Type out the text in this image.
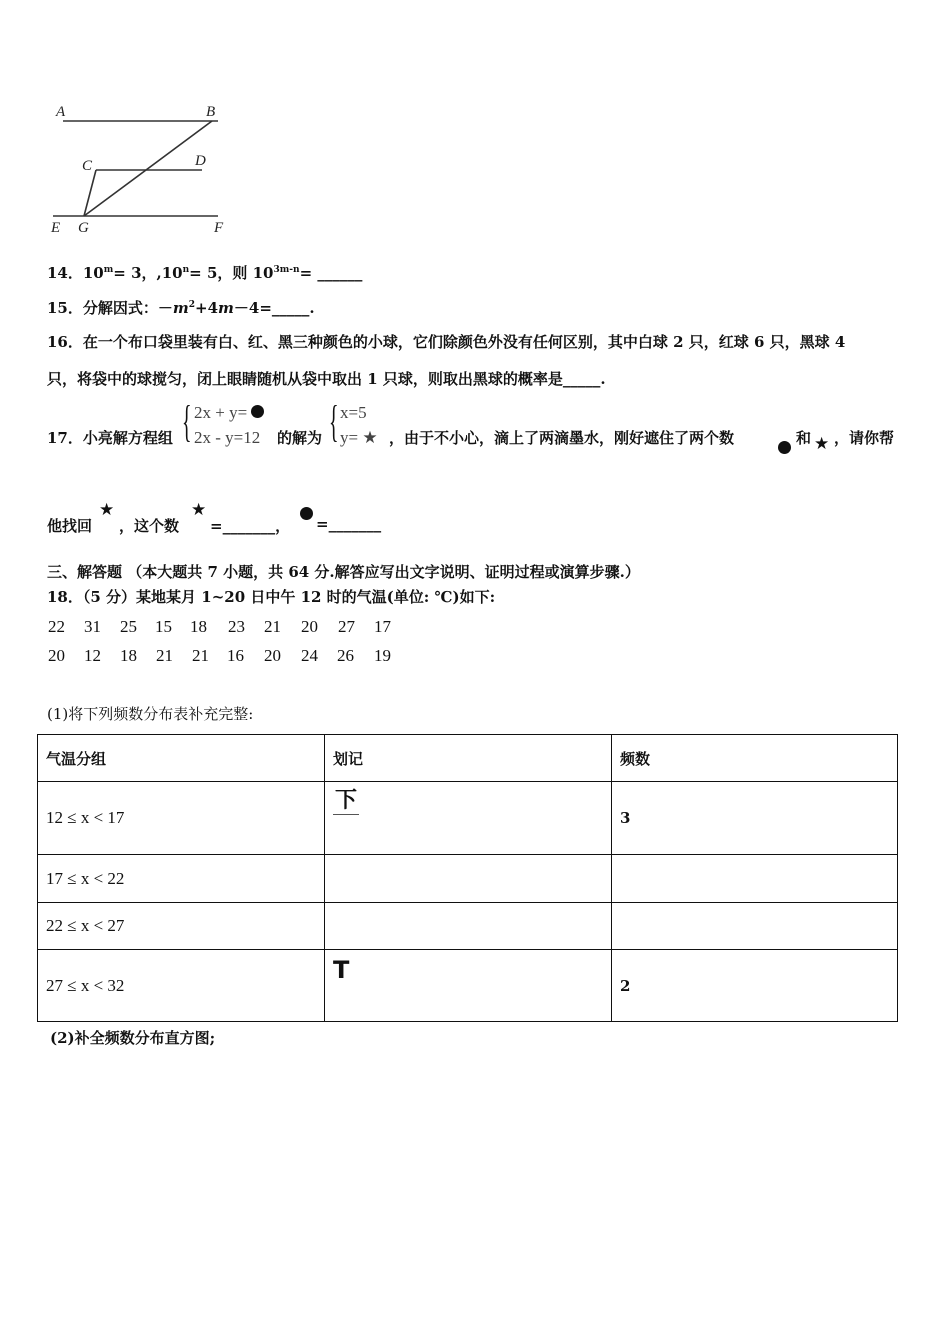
A	B
C	D
E G	F
14．$10^m= 3$，$,10^n= 5$，则 $10^{3m-n}=$ ______
15．分解因式：$-m^2+4m-4=\_\_\_\_\_$.
16．在一个布口袋里装有白、红、黑三种颜色的小球，它们除颜色外没有任何区别，其中白球 2 只，红球 6 只，黑球 4
只，将袋中的球搅匀，闭上眼睛随机从袋中取出 1 只球，则取出黑球的概率是_____.
17．小亮解方程组 { 2x + y=
2x - y=12 的解为 { x=5
y= ★ ，由于不小心，滴上了两滴墨水，刚好遮住了两个数	和 ★ ，请你帮
他找回
★
，这个数
★
=_______， =_______
三、解答题 （本大题共 7 小题，共 64 分.解答应写出文字说明、证明过程或演算步骤.）
18．（5 分）某地某月 1~20 日中午 12 时的气温(单位: ℃)如下:
22 31 25 15 18 23 21 20 27 17
20 12 18 21 21 16 20 24 26 19
(1)将下列频数分布表补充完整:
气温分组	划记	频数
12 ≤ x < 17	下	3
17 ≤ x < 22		
22 ≤ x < 27		
27 ≤ x < 32	T	2
(2)补全频数分布直方图;
